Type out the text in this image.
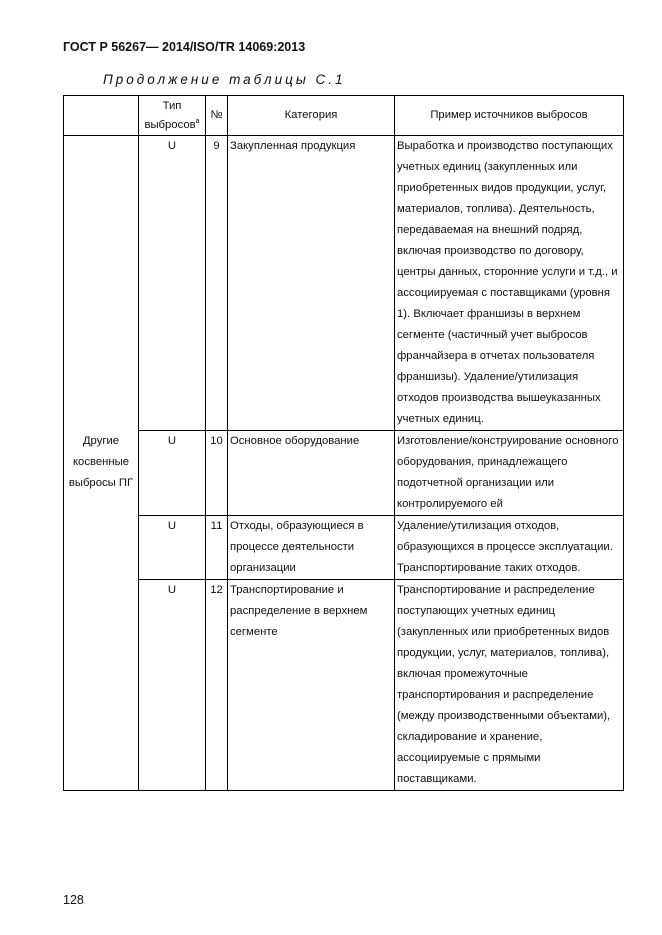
ГОСТ Р 56267— 2014/ISO/TR 14069:2013
Продолжение таблицы С.1
	Тип выбросов$^a$	№	Категория	Пример источников выбросов
Другие косвенные выбросы ПГ	U	9	Закупленная продукция	Выработка и производство поступающих учетных единиц (закупленных или приобретенных видов продукции, услуг, материалов, топлива). Деятельность, передаваемая на внешний подряд, включая производство по договору, центры данных, сторонние услуги и т.д., и ассоциируемая с поставщиками (уровня 1). Включает франшизы в верхнем сегменте (частичный учет выбросов франчайзера в отчетах пользователя франшизы). Удаление/утилизация отходов производства вышеуказанных учетных единиц.
	U	10	Основное оборудование	Изготовление/конструирование основного оборудования, принадлежащего подотчетной организации или контролируемого ей
	U	11	Отходы, образующиеся в процессе деятельности организации	Удаление/утилизация отходов, образующихся в процессе эксплуатации. Транспортирование таких отходов.
	U	12	Транспортирование и распределение в верхнем сегменте	Транспортирование и распределение поступающих учетных единиц (закупленных или приобретенных видов продукции, услуг, материалов, топлива), включая промежуточные транспортирования и распределение (между производственными объектами), складирование и хранение, ассоциируемые с прямыми поставщиками.
128
